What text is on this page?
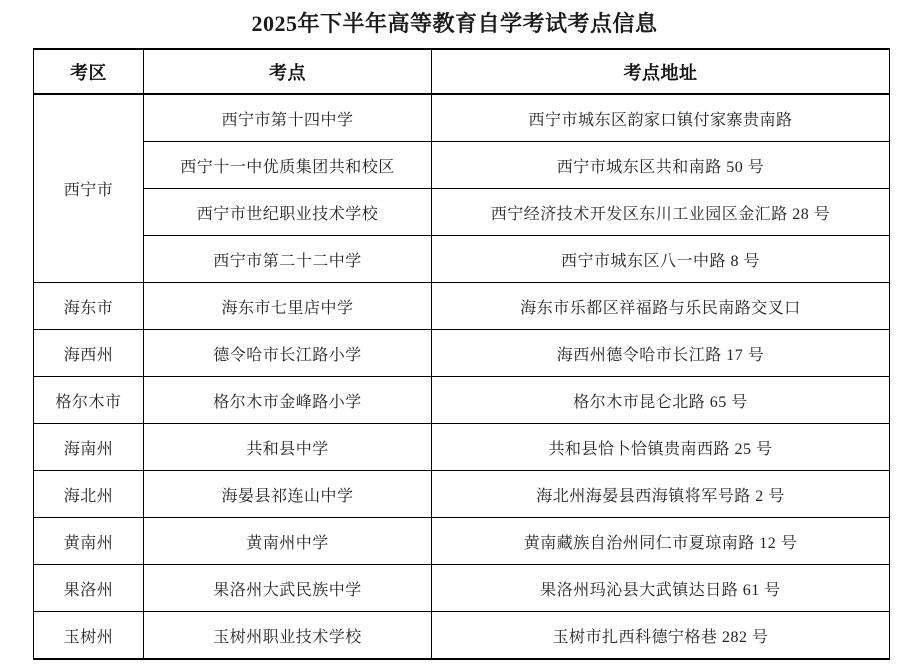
2025年下半年高等教育自学考试考点信息
考区	考点	考点地址
西宁市	西宁市第十四中学	西宁市城东区韵家口镇付家寨贵南路
	西宁十一中优质集团共和校区	西宁市城东区共和南路 50 号
	西宁市世纪职业技术学校	西宁经济技术开发区东川工业园区金汇路 28 号
	西宁市第二十二中学	西宁市城东区八一中路 8 号
海东市	海东市七里店中学	海东市乐都区祥福路与乐民南路交叉口
海西州	德令哈市长江路小学	海西州德令哈市长江路 17 号
格尔木市	格尔木市金峰路小学	格尔木市昆仑北路 65 号
海南州	共和县中学	共和县恰卜恰镇贵南西路 25 号
海北州	海晏县祁连山中学	海北州海晏县西海镇将军号路 2 号
黄南州	黄南州中学	黄南藏族自治州同仁市夏琼南路 12 号
果洛州	果洛州大武民族中学	果洛州玛沁县大武镇达日路 61 号
玉树州	玉树州职业技术学校	玉树市扎西科德宁格巷 282 号
